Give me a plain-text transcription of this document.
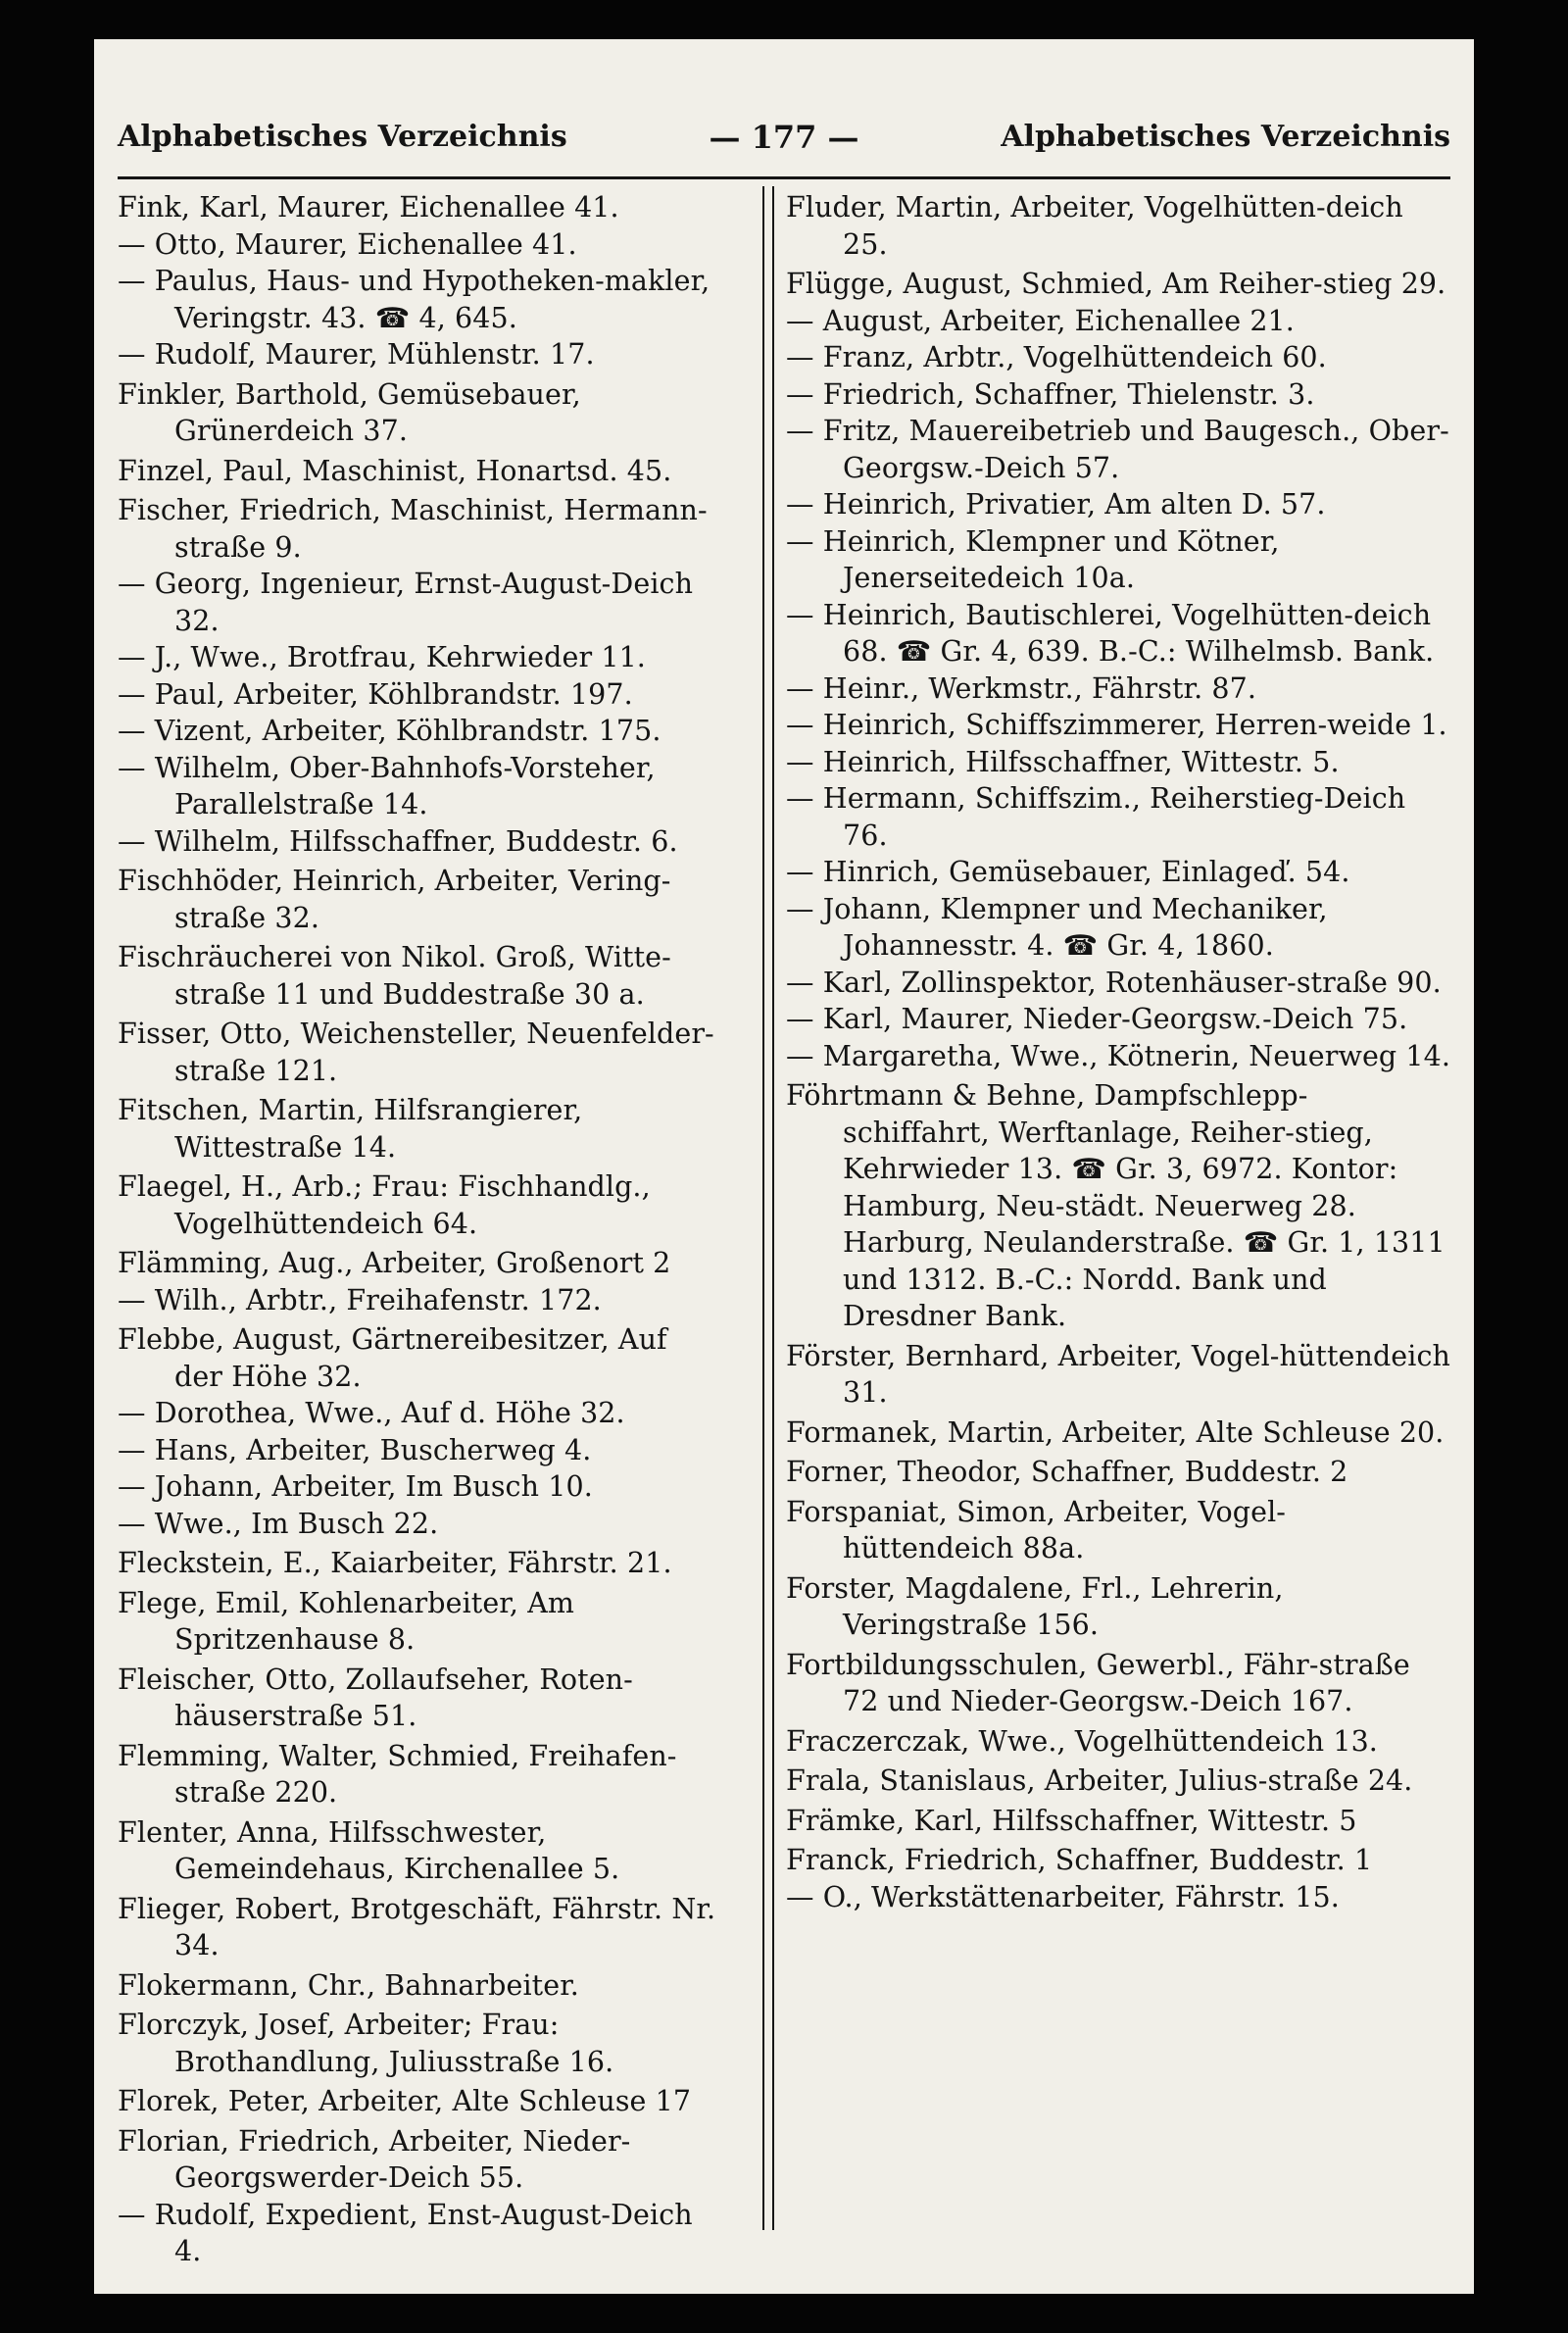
Alphabetisches Verzeichnis	— 177 —	Alphabetisches Verzeichnis

Fink, Karl, Maurer, Eichenallee 41.

— Otto, Maurer, Eichenallee 41.

— Paulus, Haus- und Hypotheken-makler, Veringstr. 43. ☎ 4, 645.

— Rudolf, Maurer, Mühlenstr. 17.

Finkler, Barthold, Gemüsebauer, Grünerdeich 37.

Finzel, Paul, Maschinist, Honartsd. 45.

Fischer, Friedrich, Maschinist, Hermann-straße 9.

— Georg, Ingenieur, Ernst-August-Deich 32.

— J., Wwe., Brotfrau, Kehrwieder 11.

— Paul, Arbeiter, Köhlbrandstr. 197.

— Vizent, Arbeiter, Köhlbrandstr. 175.

— Wilhelm, Ober-Bahnhofs-Vorsteher, Parallelstraße 14.

— Wilhelm, Hilfsschaffner, Buddestr. 6.

Fischhöder, Heinrich, Arbeiter, Vering-straße 32.

Fischräucherei von Nikol. Groß, Witte-straße 11 und Buddestraße 30 a.

Fisser, Otto, Weichensteller, Neuenfelder-straße 121.

Fitschen, Martin, Hilfsrangierer, Wittestraße 14.

Flaegel, H., Arb.; Frau: Fischhandlg., Vogelhüttendeich 64.

Flämming, Aug., Arbeiter, Großenort 2

— Wilh., Arbtr., Freihafenstr. 172.

Flebbe, August, Gärtnereibesitzer, Auf der Höhe 32.

— Dorothea, Wwe., Auf d. Höhe 32.

— Hans, Arbeiter, Buscherweg 4.

— Johann, Arbeiter, Im Busch 10.

— Wwe., Im Busch 22.

Fleckstein, E., Kaiarbeiter, Fährstr. 21.

Flege, Emil, Kohlenarbeiter, Am Spritzenhause 8.

Fleischer, Otto, Zollaufseher, Roten-häuserstraße 51.

Flemming, Walter, Schmied, Freihafen-straße 220.

Flenter, Anna, Hilfsschwester, Gemeindehaus, Kirchenallee 5.

Flieger, Robert, Brotgeschäft, Fährstr. Nr. 34.

Flokermann, Chr., Bahnarbeiter.

Florczyk, Josef, Arbeiter; Frau: Brothandlung, Juliusstraße 16.

Florek, Peter, Arbeiter, Alte Schleuse 17

Florian, Friedrich, Arbeiter, Nieder-Georgswerder-Deich 55.

— Rudolf, Expedient, Enst-August-Deich 4.

Fluder, Martin, Arbeiter, Vogelhütten-deich 25.

Flügge, August, Schmied, Am Reiher-stieg 29.

— August, Arbeiter, Eichenallee 21.

— Franz, Arbtr., Vogelhüttendeich 60.

— Friedrich, Schaffner, Thielenstr. 3.

— Fritz, Mauereibetrieb und Baugesch., Ober-Georgsw.-Deich 57.

— Heinrich, Privatier, Am alten D. 57.

— Heinrich, Klempner und Kötner, Jenerseitedeich 10a.

— Heinrich, Bautischlerei, Vogelhütten-deich 68. ☎ Gr. 4, 639. B.-C.: Wilhelmsb. Bank.

— Heinr., Werkmstr., Fährstr. 87.

— Heinrich, Schiffszimmerer, Herren-weide 1.

— Heinrich, Hilfsschaffner, Wittestr. 5.

— Hermann, Schiffszim., Reiherstieg-Deich 76.

— Hinrich, Gemüsebauer, Einlageď. 54.

— Johann, Klempner und Mechaniker, Johannesstr. 4. ☎ Gr. 4, 1860.

— Karl, Zollinspektor, Rotenhäuser-straße 90.

— Karl, Maurer, Nieder-Georgsw.-Deich 75.

— Margaretha, Wwe., Kötnerin, Neuerweg 14.

Föhrtmann & Behne, Dampfschlepp-schiffahrt, Werftanlage, Reiher-stieg, Kehrwieder 13. ☎ Gr. 3, 6972. Kontor: Hamburg, Neu-städt. Neuerweg 28. Harburg, Neulanderstraße. ☎ Gr. 1, 1311 und 1312. B.-C.: Nordd. Bank und Dresdner Bank.

Förster, Bernhard, Arbeiter, Vogel-hüttendeich 31.

Formanek, Martin, Arbeiter, Alte Schleuse 20.

Forner, Theodor, Schaffner, Buddestr. 2

Forspaniat, Simon, Arbeiter, Vogel-hüttendeich 88a.

Forster, Magdalene, Frl., Lehrerin, Veringstraße 156.

Fortbildungsschulen, Gewerbl., Fähr-straße 72 und Nieder-Georgsw.-Deich 167.

Fraczerczak, Wwe., Vogelhüttendeich 13.

Frala, Stanislaus, Arbeiter, Julius-straße 24.

Främke, Karl, Hilfsschaffner, Wittestr. 5

Franck, Friedrich, Schaffner, Buddestr. 1

— O., Werkstättenarbeiter, Fährstr. 15.
